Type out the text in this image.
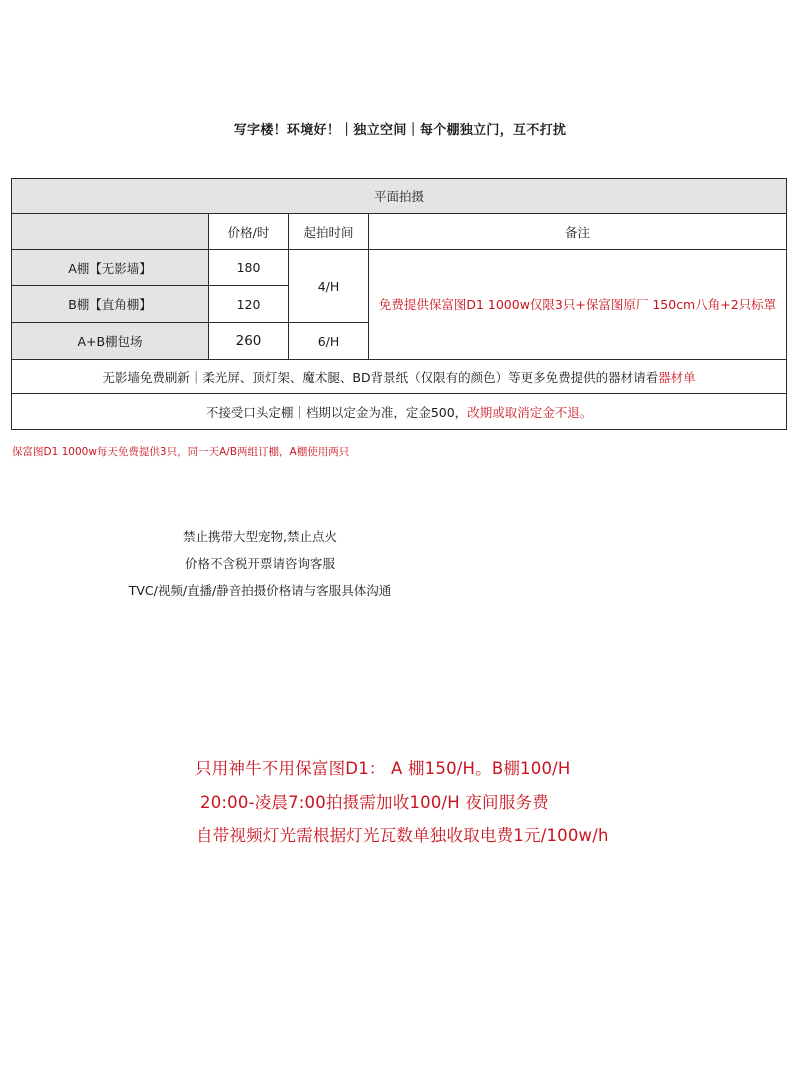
写字楼！环境好！｜独立空间｜每个棚独立门，互不打扰
平面拍摄			
	价格/时	起拍时间	备注
A棚【无影墙】	180	4/H	免费提供保富图D1 1000w仅限3只+保富图原厂 150cm八角+2只标罩
B棚【直角棚】	120		
A+B棚包场	260	6/H	
无影墙免费刷新｜柔光屏、顶灯架、魔术腿、BD背景纸（仅限有的颜色）等更多免费提供的器材请看器材单			
不接受口头定棚｜档期以定金为准，定金500，改期或取消定金不退。			
保富图D1 1000w每天免费提供3只，同一天A/B两组订棚，A棚使用两只
禁止携带大型宠物,禁止点火
价格不含税开票请咨询客服
TVC/视频/直播/静音拍摄价格请与客服具体沟通
只用神牛不用保富图D1： A 棚150/H。B棚100/H
20:00-凌晨7:00拍摄需加收100/H 夜间服务费
自带视频灯光需根据灯光瓦数单独收取电费1元/100w/h
